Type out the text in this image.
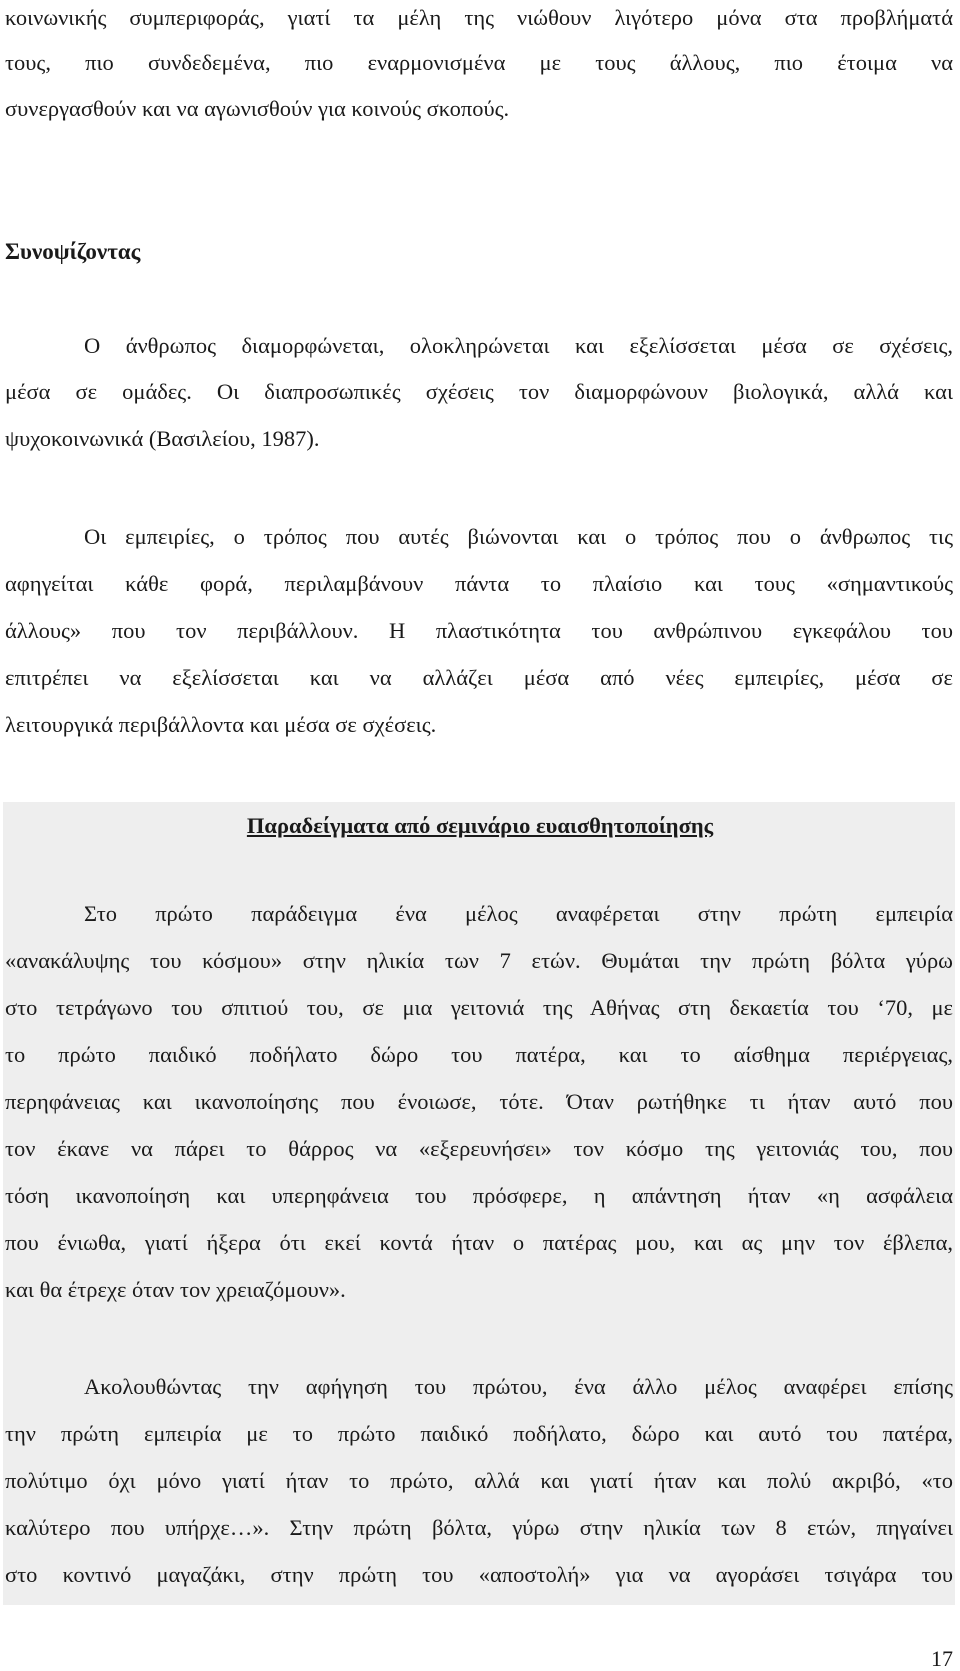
κοινωνικής συμπεριφοράς, γιατί τα μέλη της νιώθουν λιγότερο μόνα στα προβλήματά
τους, πιο συνδεδεμένα, πιο εναρμονισμένα με τους άλλους, πιο έτοιμα να
συνεργασθούν και να αγωνισθούν για κοινούς σκοπούς.
Συνοψίζοντας
Ο άνθρωπος διαμορφώνεται, ολοκληρώνεται και εξελίσσεται μέσα σε σχέσεις,
μέσα σε ομάδες. Οι διαπροσωπικές σχέσεις τον διαμορφώνουν βιολογικά, αλλά και
ψυχοκοινωνικά (Βασιλείου, 1987).
Οι εμπειρίες, ο τρόπος που αυτές βιώνονται και ο τρόπος που ο άνθρωπος τις
αφηγείται κάθε φορά, περιλαμβάνουν πάντα το πλαίσιο και τους «σημαντικούς
άλλους» που τον περιβάλλουν. Η πλαστικότητα του ανθρώπινου εγκεφάλου του
επιτρέπει να εξελίσσεται και να αλλάζει μέσα από νέες εμπειρίες, μέσα σε
λειτουργικά περιβάλλοντα και μέσα σε σχέσεις.
Παραδείγματα από σεμινάριο ευαισθητοποίησης
Στο πρώτο παράδειγμα ένα μέλος αναφέρεται στην πρώτη εμπειρία
«ανακάλυψης του κόσμου» στην ηλικία των 7 ετών. Θυμάται την πρώτη βόλτα γύρω
στο τετράγωνο του σπιτιού του, σε μια γειτονιά της Αθήνας στη δεκαετία του ‘70, με
το πρώτο παιδικό ποδήλατο δώρο του πατέρα, και το αίσθημα περιέργειας,
περηφάνειας και ικανοποίησης που ένοιωσε, τότε. Όταν ρωτήθηκε τι ήταν αυτό που
τον έκανε να πάρει το θάρρος να «εξερευνήσει» τον κόσμο της γειτονιάς του, που
τόση ικανοποίηση και υπερηφάνεια του πρόσφερε, η απάντηση ήταν «η ασφάλεια
που ένιωθα, γιατί ήξερα ότι εκεί κοντά ήταν ο πατέρας μου, και ας μην τον έβλεπα,
και θα έτρεχε όταν τον χρειαζόμουν».
Ακολουθώντας την αφήγηση του πρώτου, ένα άλλο μέλος αναφέρει επίσης
την πρώτη εμπειρία με το πρώτο παιδικό ποδήλατο, δώρο και αυτό του πατέρα,
πολύτιμο όχι μόνο γιατί ήταν το πρώτο, αλλά και γιατί ήταν και πολύ ακριβό, «το
καλύτερο που υπήρχε…». Στην πρώτη βόλτα, γύρω στην ηλικία των 8 ετών, πηγαίνει
στο κοντινό μαγαζάκι, στην πρώτη του «αποστολή» για να αγοράσει τσιγάρα του
17
